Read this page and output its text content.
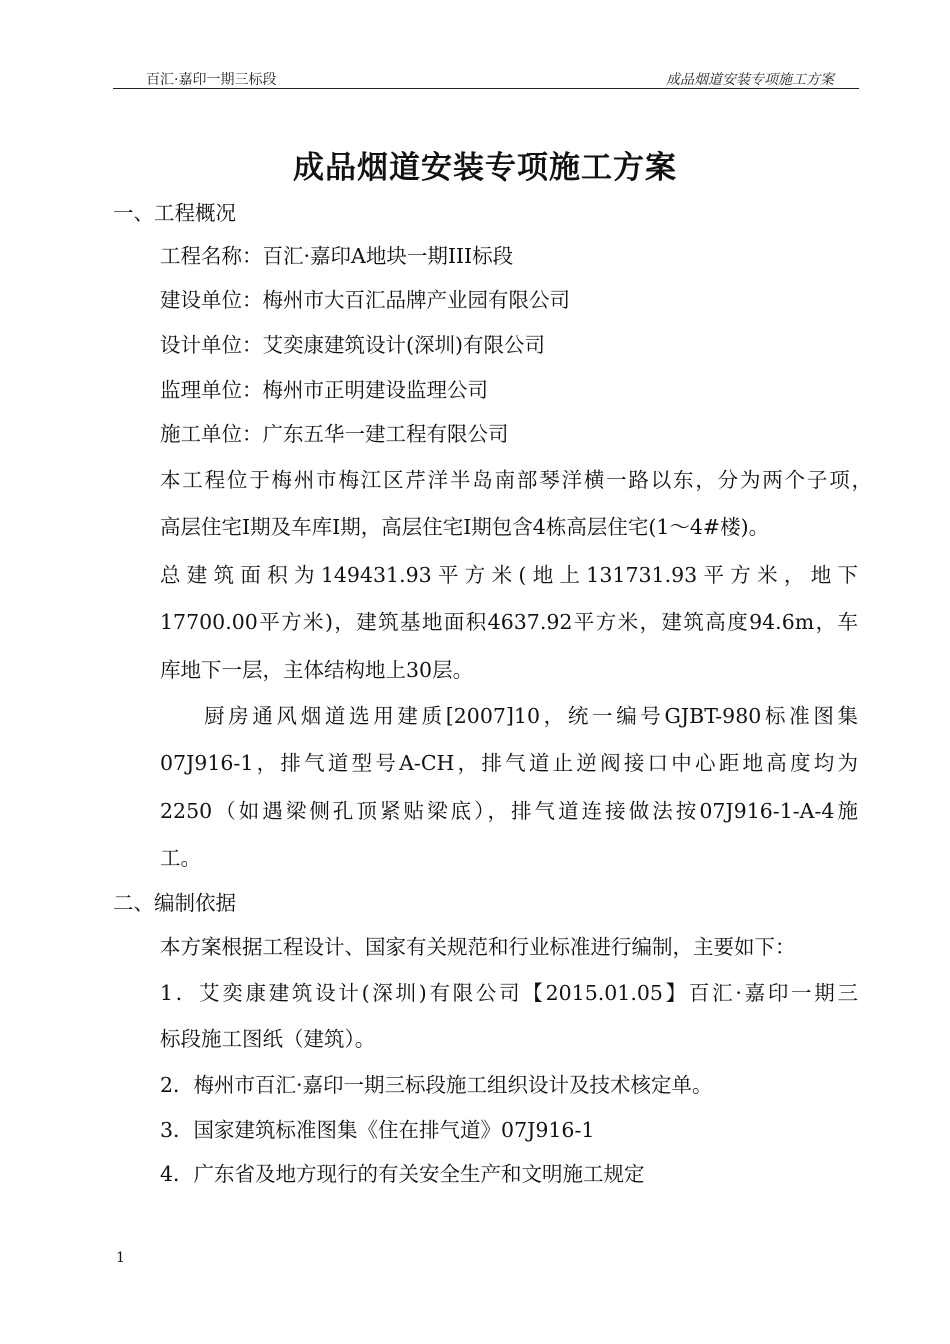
百汇·嘉印一期三标段	成品烟道安装专项施工方案
成品烟道安装专项施工方案
一、工程概况
工程名称：百汇·嘉印A地块一期III标段
建设单位：梅州市大百汇品牌产业园有限公司
设计单位：艾奕康建筑设计(深圳)有限公司
监理单位：梅州市正明建设监理公司
施工单位：广东五华一建工程有限公司
本工程位于梅州市梅江区芹洋半岛南部琴洋横一路以东，分为两个子项，
高层住宅Ⅰ期及车库Ⅰ期，高层住宅Ⅰ期包含4栋高层住宅(1～4#楼)。
总建筑面积为149431.93平方米(地上131731.93平方米，地下
17700.00平方米)，建筑基地面积4637.92平方米，建筑高度94.6m，车
库地下一层，主体结构地上30层。
厨房通风烟道选用建质[2007]10，统一编号GJBT-980标准图集
07J916-1，排气道型号A-CH，排气道止逆阀接口中心距地高度均为
2250（如遇梁侧孔顶紧贴梁底），排气道连接做法按07J916-1-A-4施
工。
二、编制依据
本方案根据工程设计、国家有关规范和行业标准进行编制，主要如下：
1．艾奕康建筑设计(深圳)有限公司【2015.01.05】百汇·嘉印一期三
标段施工图纸（建筑）。
2．梅州市百汇·嘉印一期三标段施工组织设计及技术核定单。
3．国家建筑标准图集《住在排气道》07J916-1
4．广东省及地方现行的有关安全生产和文明施工规定
1
